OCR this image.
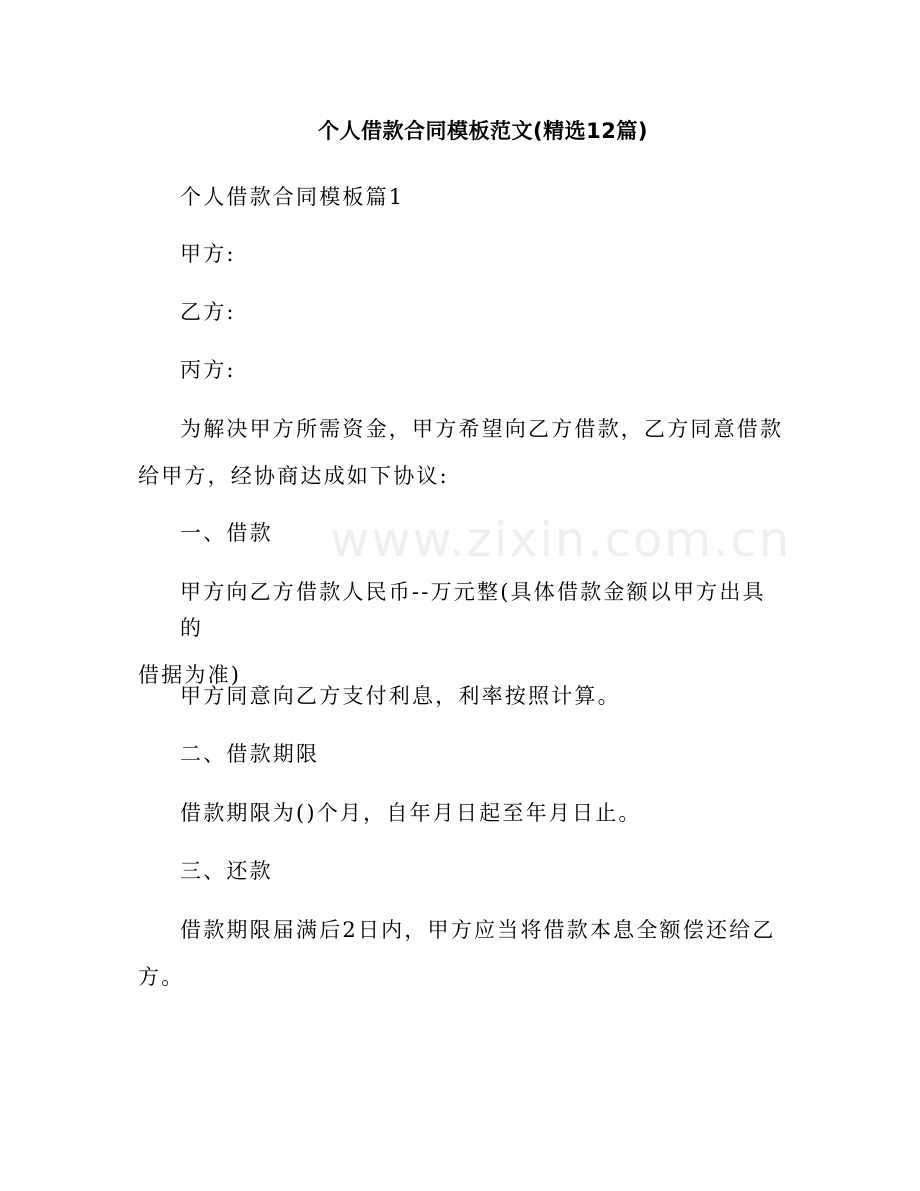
www.zixin.com.cn
个人借款合同模板范文(精选12篇)
个人借款合同模板篇1
甲方:
乙方:
丙方:
为解决甲方所需资金，甲方希望向乙方借款，乙方同意借款
给甲方，经协商达成如下协议:
一、借款
甲方向乙方借款人民币--万元整(具体借款金额以甲方出具的
借据为准)
甲方同意向乙方支付利息，利率按照计算。
二、借款期限
借款期限为()个月，自年月日起至年月日止。
三、还款
借款期限届满后2日内，甲方应当将借款本息全额偿还给乙
方。
